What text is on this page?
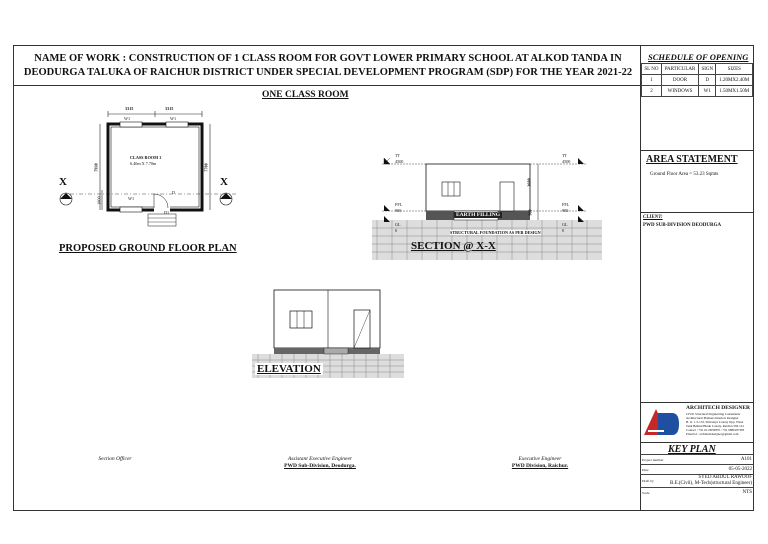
NAME OF WORK : CONSTRUCTION OF 1 CLASS ROOM FOR GOVT LOWER PRIMARY SCHOOL AT ALKOD TANDA IN
DEODURGA TALUKA OF RAICHUR DISTRICT UNDER SPECIAL DEVELOPMENT PROGRAM (SDP) FOR THE YEAR 2021-22
ONE CLASS ROOM
3315	3315
W1	W1
CLASS ROOM 1
6.40m X 7.70m
7930	7700
1800	W1
D
D1
X	X
PROPOSED GROUND FLOOR PLAN
TT
4500
TT
4500
FFL
900
FFL
900
GL
0
GL
0
3600
900
EARTH FILLING
STRUCTURAL FOUNDATION AS PER DESIGN
SECTION @ X-X
ELEVATION
Section Officer	Assistant Executive Engineer
PWD Sub-Division, Deodurga.
Executive Engineer
PWD Division, Raichur.
SCHEDULE OF OPENING
SL NO	PARTICULAR	SIGN	SIZES
1	DOOR	D	1.20MX2.40M
2	WINDOWS	W1	1.50MX1.50M
AREA STATEMENT
Ground Floor Area = 53.23 Sqmts
CLIENT:
PWD SUB-DIVISION DEODURGA
ARCHITECH DESIGNER
CIVIL Structural Engineering Consultants
Architectural Planners Interiors Designer
H. O. 1-5-133, Shivalaya Colony Opp. Water
Tank Behind Hindu Colony, Raichur 584 101
Contact : +91 9113950870 / +91 9880187383
Email id : architechdesigner@gmail.com
KEY PLAN
Project number	A101
Date	05-05-2022
Draft by	SYED ABDUL RAWOOF
B.E.(Civil), M-Tech(structural Engineer)

Scale	NTS
